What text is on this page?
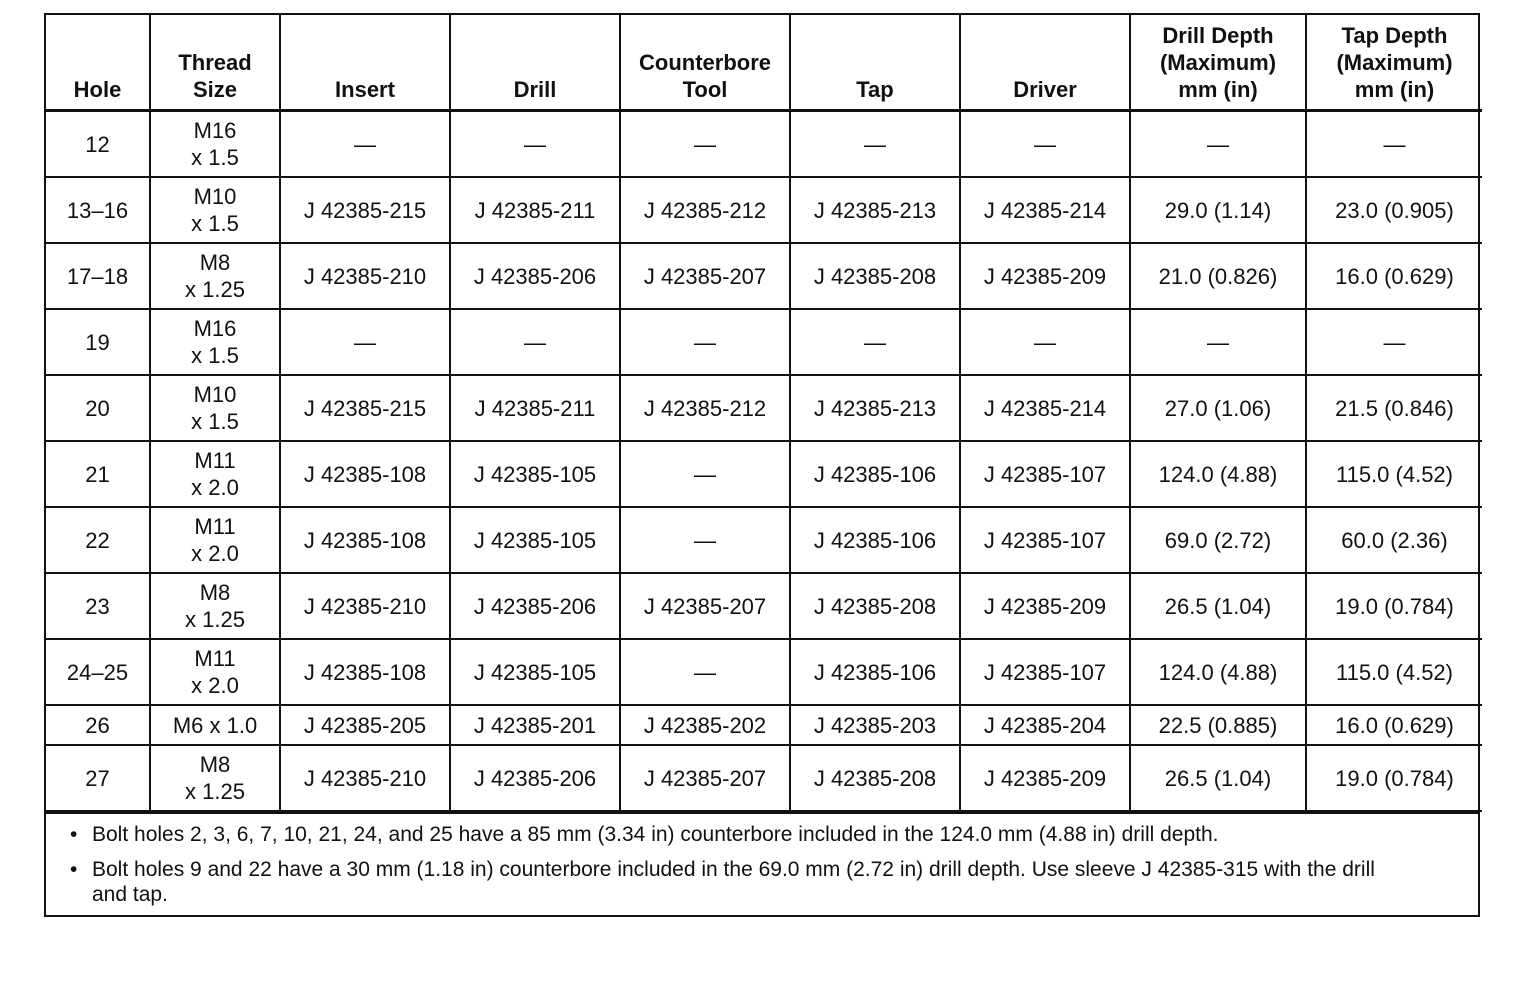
Hole	Thread
Size	Insert	Drill	Counterbore
Tool	Tap	Driver	Drill Depth
(Maximum)
mm (in)	Tap Depth
(Maximum)
mm (in)
12	M16
x 1.5	—	—	—	—	—	—	—
13–16	M10
x 1.5	J 42385-215	J 42385-211	J 42385-212	J 42385-213	J 42385-214	29.0 (1.14)	23.0 (0.905)
17–18	M8
x 1.25	J 42385-210	J 42385-206	J 42385-207	J 42385-208	J 42385-209	21.0 (0.826)	16.0 (0.629)
19	M16
x 1.5	—	—	—	—	—	—	—
20	M10
x 1.5	J 42385-215	J 42385-211	J 42385-212	J 42385-213	J 42385-214	27.0 (1.06)	21.5 (0.846)
21	M11
x 2.0	J 42385-108	J 42385-105	—	J 42385-106	J 42385-107	124.0 (4.88)	115.0 (4.52)
22	M11
x 2.0	J 42385-108	J 42385-105	—	J 42385-106	J 42385-107	69.0 (2.72)	60.0 (2.36)
23	M8
x 1.25	J 42385-210	J 42385-206	J 42385-207	J 42385-208	J 42385-209	26.5 (1.04)	19.0 (0.784)
24–25	M11
x 2.0	J 42385-108	J 42385-105	—	J 42385-106	J 42385-107	124.0 (4.88)	115.0 (4.52)
26	M6 x 1.0	J 42385-205	J 42385-201	J 42385-202	J 42385-203	J 42385-204	22.5 (0.885)	16.0 (0.629)
27	M8
x 1.25	J 42385-210	J 42385-206	J 42385-207	J 42385-208	J 42385-209	26.5 (1.04)	19.0 (0.784)
• Bolt holes 2, 3, 6, 7, 10, 21, 24, and 25 have a 85 mm (3.34 in) counterbore included in the 124.0 mm (4.88 in) drill depth.
• Bolt holes 9 and 22 have a 30 mm (1.18 in) counterbore included in the 69.0 mm (2.72 in) drill depth. Use sleeve J 42385-315 with the drill and tap.
